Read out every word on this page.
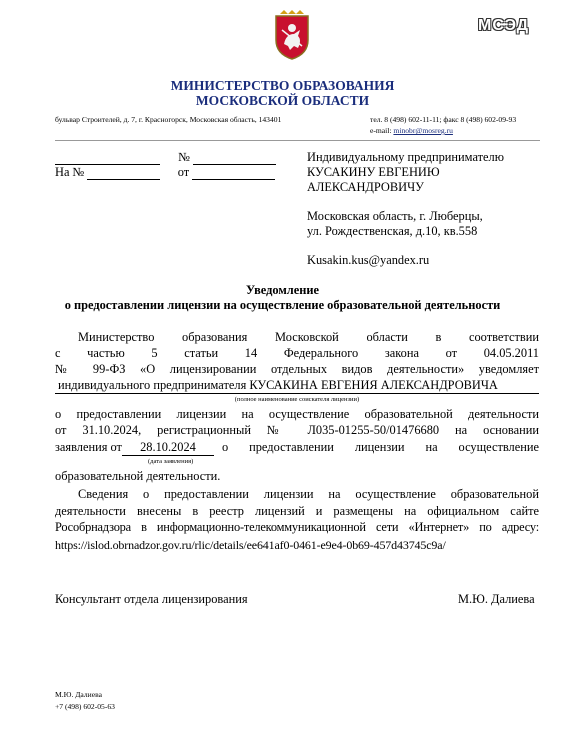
МСЭД
МИНИСТЕРСТВО ОБРАЗОВАНИЯ
МОСКОВСКОЙ ОБЛАСТИ
бульвар Строителей, д. 7, г. Красногорск, Московская область, 143401	тел. 8 (498) 602-11-11; факс 8 (498) 602-09-93
e-mail: minobr@mosreg.ru
№
На №	от
Индивидуальному предпринимателю
КУСАКИНУ ЕВГЕНИЮ
АЛЕКСАНДРОВИЧУ
Московская область, г. Люберцы,
ул. Рождественская, д.10, кв.558
Kusakin.kus@yandex.ru
Уведомление
о предоставлении лицензии на осуществление образовательной деятельности
Министерство образования Московской области в соответствии
с частью 5 статьи 14 Федерального закона от 04.05.2011
№ 99-ФЗ «О лицензировании отдельных видов деятельности» уведомляет
индивидуального предпринимателя КУСАКИНА ЕВГЕНИЯ АЛЕКСАНДРОВИЧА
(полное наименование соискателя лицензии)
о предоставлении лицензии на осуществление образовательной деятельности
от 31.10.2024, регистрационный № Л035-01255-50/01476680 на основании
заявления от	28.10.2024	о предоставлении лицензии на осуществление
(дата заявления)
образовательной деятельности.
Сведения о предоставлении лицензии на осуществление образовательной
деятельности внесены в реестр лицензий и размещены на официальном сайте
Рособрнадзора в информационно-телекоммуникационной сети «Интернет» по адресу:
https://islod.obrnadzor.gov.ru/rlic/details/ee641af0-0461-e9e4-0b69-457d43745c9a/
Консультант отдела лицензирования	М.Ю. Далиева
М.Ю. Далиева
+7 (498) 602-05-63
